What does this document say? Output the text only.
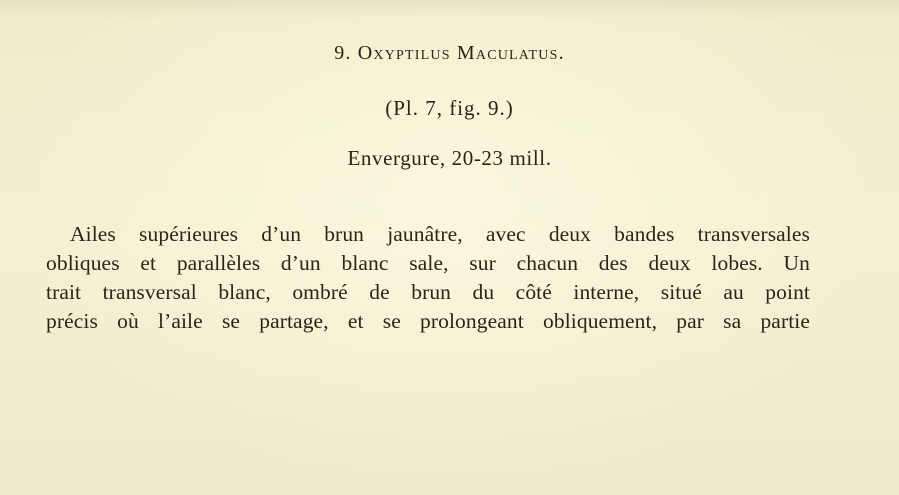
9. Oxyptilus Maculatus.
(Pl. 7, fig. 9.)
Envergure, 20-23 mill.
Ailes supérieures d’un brun jaunâtre, avec deux bandes transversales
obliques et parallèles d’un blanc sale, sur chacun des deux lobes. Un
trait transversal blanc, ombré de brun du côté interne, situé au point
précis où l’aile se partage, et se prolongeant obliquement, par sa partie
